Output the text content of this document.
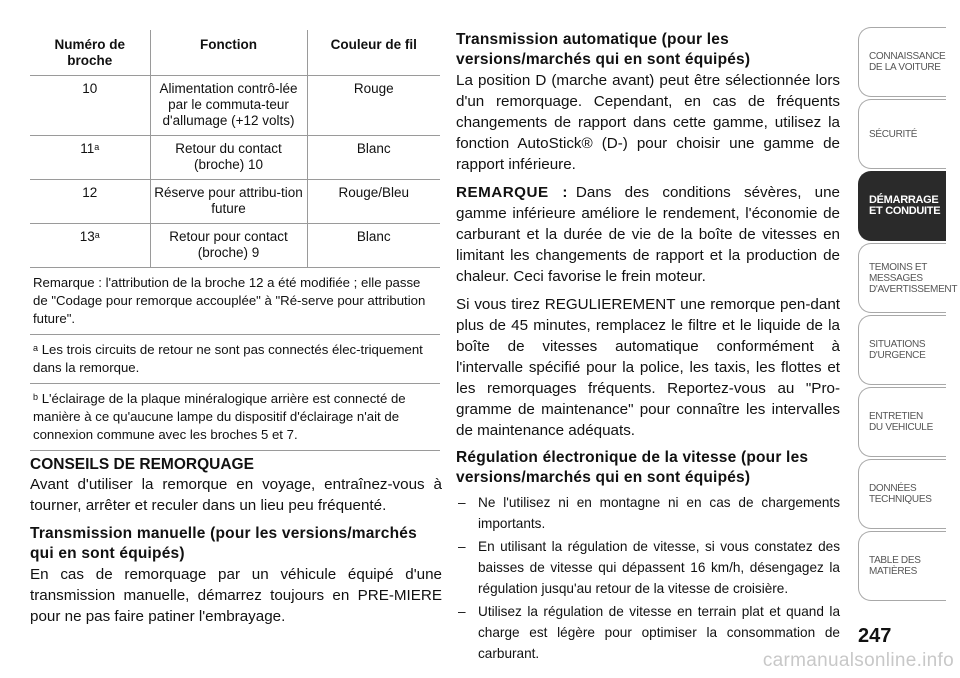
Numéro de broche	Fonction	Couleur de fil
10	Alimentation contrô-lée par le commuta-teur d'allumage (+12 volts)	Rouge
11$^a$	Retour du contact (broche) 10	Blanc
12	Réserve pour attribu-tion future	Rouge/Bleu
13$^a$	Retour pour contact (broche) 9	Blanc
Remarque : l'attribution de la broche 12 a été modifiée ; elle passe de "Codage pour remorque accouplée" à "Ré-serve pour attribution future".		
$^a$ Les trois circuits de retour ne sont pas connectés élec-triquement dans la remorque.		
$^b$ L'éclairage de la plaque minéralogique arrière est connecté de manière à ce qu'aucune lampe du dispositif d'éclairage n'ait de connexion commune avec les broches 5 et 7.		
CONSEILS DE REMORQUAGE

Avant d'utiliser la remorque en voyage, entraînez-vous à tourner, arrêter et reculer dans un lieu peu fréquenté.

Transmission manuelle (pour les versions/marchés qui en sont équipés)

En cas de remorquage par un véhicule équipé d'une transmission manuelle, démarrez toujours en PRE-MIERE pour ne pas faire patiner l'embrayage.

Transmission automatique (pour les versions/marchés qui en sont équipés)

La position D (marche avant) peut être sélectionnée lors d'un remorquage. Cependant, en cas de fréquents changements de rapport dans cette gamme, utilisez la fonction AutoStick® (D-) pour choisir une gamme de rapport inférieure.

REMARQUE : Dans des conditions sévères, une gamme inférieure améliore le rendement, l'économie de carburant et la durée de vie de la boîte de vitesses en limitant les changements de rapport et la production de chaleur. Ceci favorise le frein moteur.

Si vous tirez REGULIEREMENT une remorque pen-dant plus de 45 minutes, remplacez le filtre et le liquide de la boîte de vitesses automatique conformément à l'intervalle spécifié pour la police, les taxis, les flottes et les remorquages fréquents. Reportez-vous au "Pro-gramme de maintenance" pour connaître les intervalles de maintenance adéquats.

Régulation électronique de la vitesse (pour les versions/marchés qui en sont équipés)
– Ne l'utilisez ni en montagne ni en cas de chargements importants.
– En utilisant la régulation de vitesse, si vous constatez des baisses de vitesse qui dépassent 16 km/h, désengagez la régulation jusqu'au retour de la vitesse de croisière.
– Utilisez la régulation de vitesse en terrain plat et quand la charge est légère pour optimiser la consommation de carburant.
CONNAISSANCE
DE LA VOITURE
SÉCURITÉ
DÉMARRAGE
ET CONDUITE
TEMOINS ET
MESSAGES
D'AVERTISSEMENT
SITUATIONS
D'URGENCE
ENTRETIEN
DU VEHICULE
DONNÉES
TECHNIQUES
TABLE DES
MATIÈRES
247
carmanualsonline.info
